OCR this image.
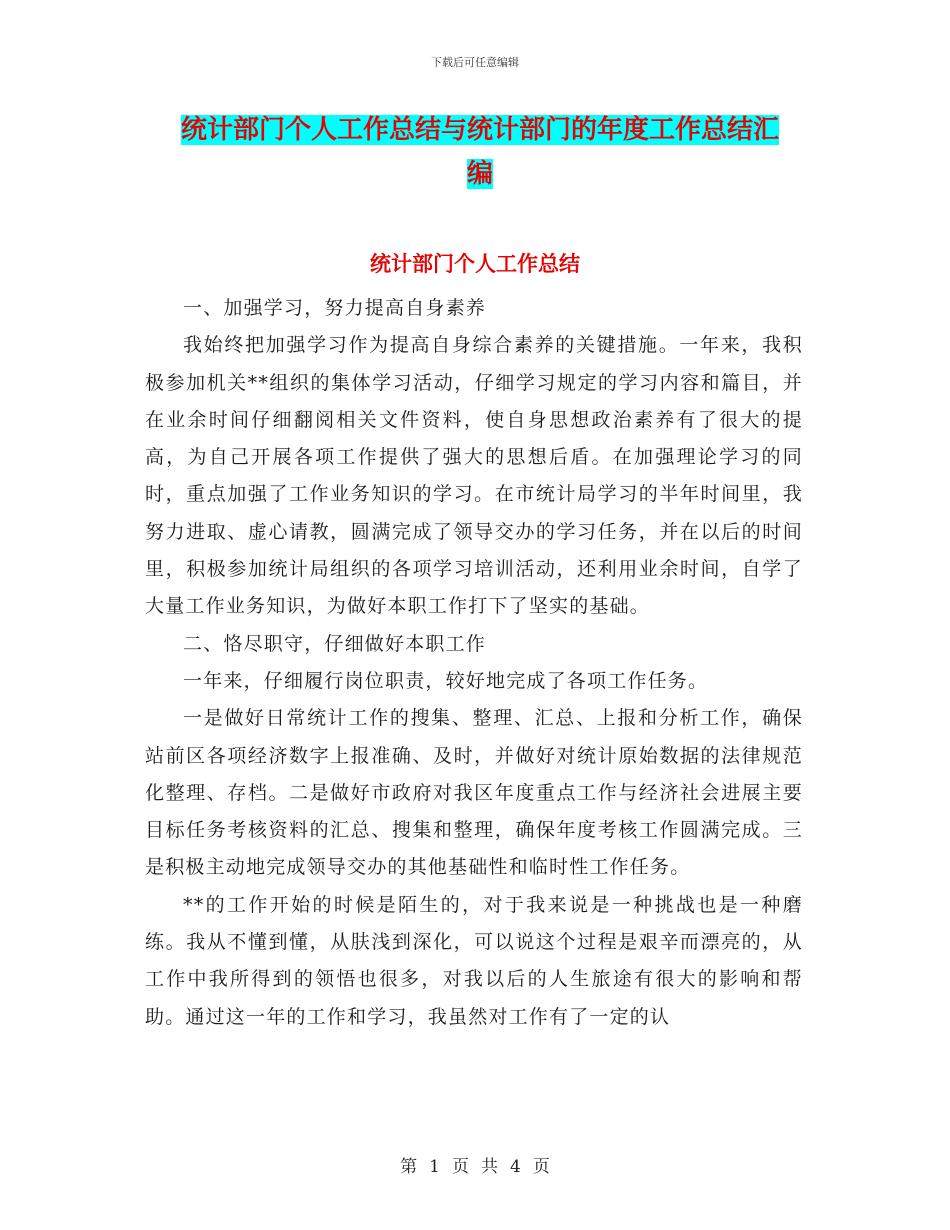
下载后可任意编辑
统计部门个人工作总结与统计部门的年度工作总结汇
编
统计部门个人工作总结

一、加强学习，努力提高自身素养

我始终把加强学习作为提高自身综合素养的关键措施。一年来，我积极参加机关**组织的集体学习活动，仔细学习规定的学习内容和篇目，并在业余时间仔细翻阅相关文件资料，使自身思想政治素养有了很大的提高，为自己开展各项工作提供了强大的思想后盾。在加强理论学习的同时，重点加强了工作业务知识的学习。在市统计局学习的半年时间里，我努力进取、虚心请教，圆满完成了领导交办的学习任务，并在以后的时间里，积极参加统计局组织的各项学习培训活动，还利用业余时间，自学了大量工作业务知识，为做好本职工作打下了坚实的基础。

二、恪尽职守，仔细做好本职工作

一年来，仔细履行岗位职责，较好地完成了各项工作任务。

一是做好日常统计工作的搜集、整理、汇总、上报和分析工作，确保站前区各项经济数字上报准确、及时，并做好对统计原始数据的法律规范化整理、存档。二是做好市政府对我区年度重点工作与经济社会进展主要目标任务考核资料的汇总、搜集和整理，确保年度考核工作圆满完成。三是积极主动地完成领导交办的其他基础性和临时性工作任务。

**的工作开始的时候是陌生的，对于我来说是一种挑战也是一种磨练。我从不懂到懂，从肤浅到深化，可以说这个过程是艰辛而漂亮的，从工作中我所得到的领悟也很多，对我以后的人生旅途有很大的影响和帮助。通过这一年的工作和学习，我虽然对工作有了一定的认

第 1 页 共 4 页
